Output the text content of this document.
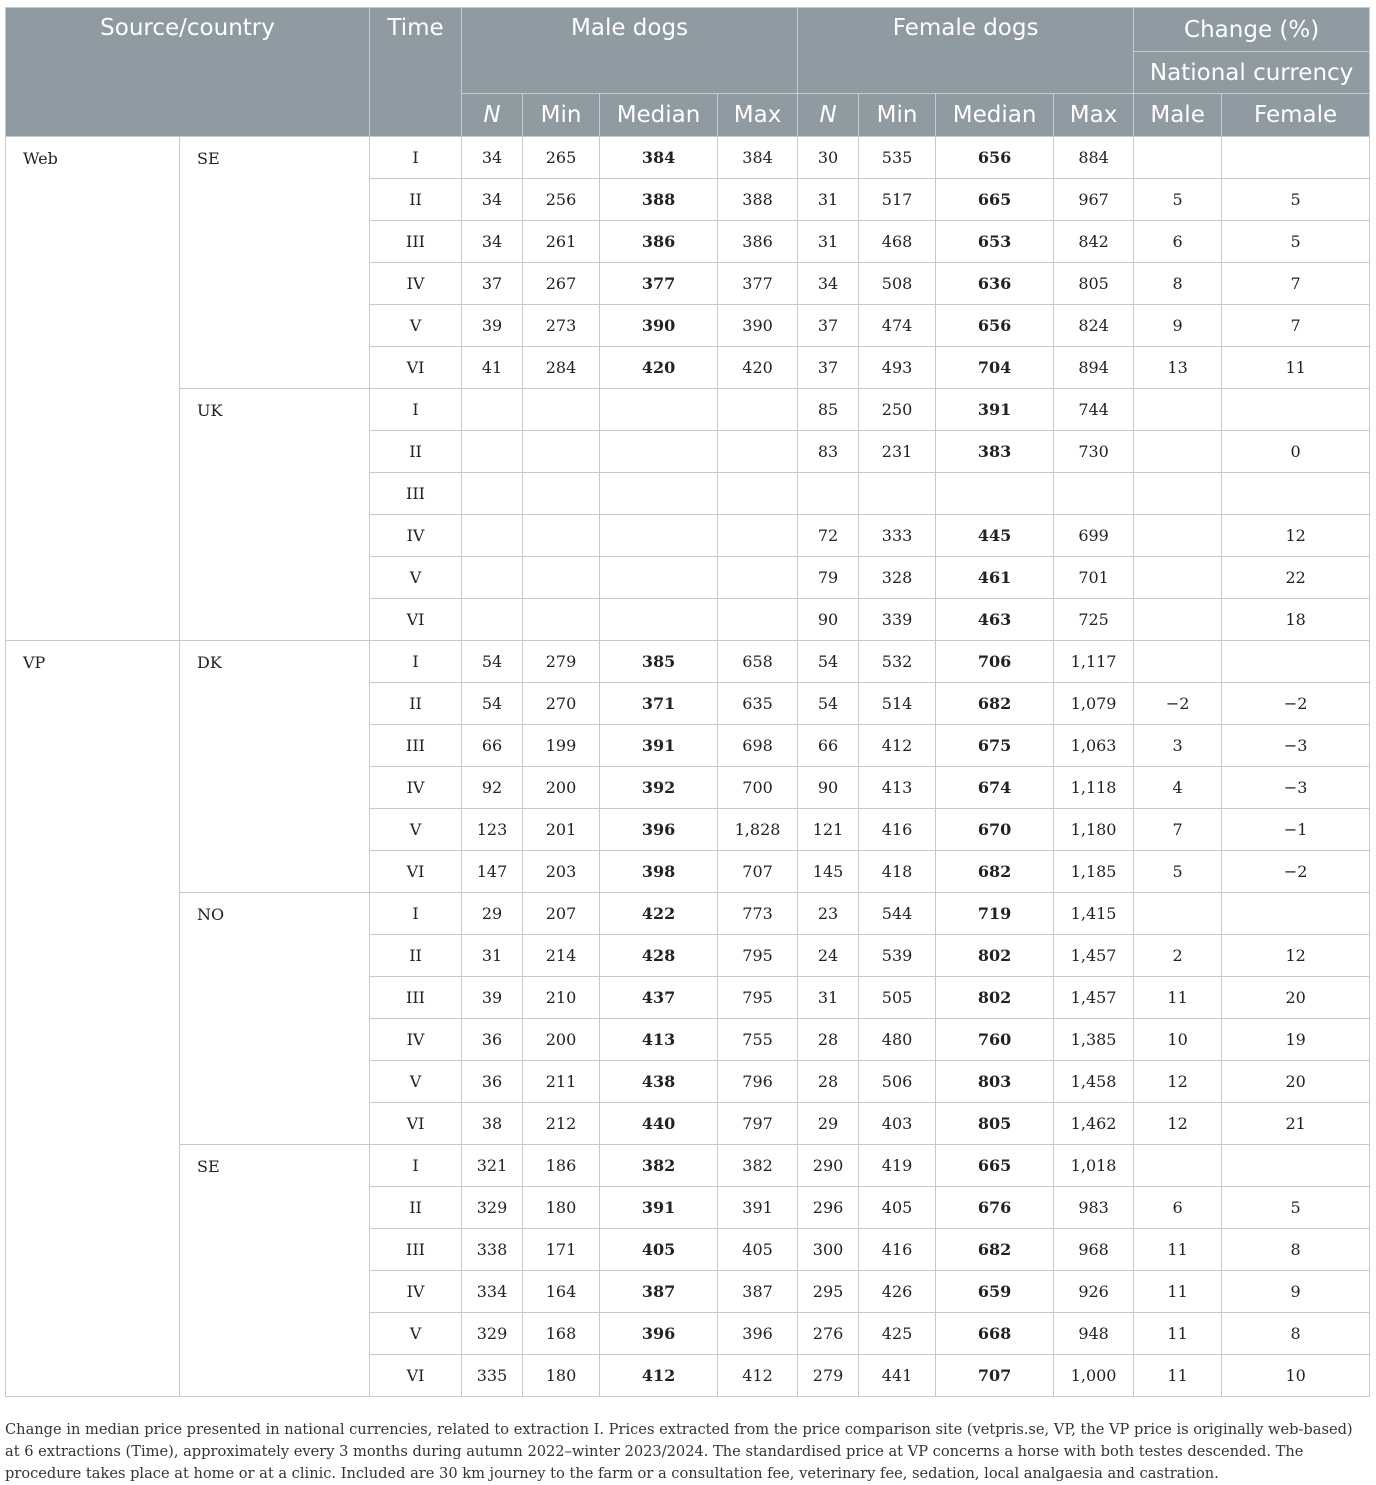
Source/country		Time	Male dogs				Female dogs				Change (%)	
											National currency	
			N	Min	Median	Max	N	Min	Median	Max	Male	Female
Web	SE	I	34	265	384	384	30	535	656	884		
		II	34	256	388	388	31	517	665	967	5	5
		III	34	261	386	386	31	468	653	842	6	5
		IV	37	267	377	377	34	508	636	805	8	7
		V	39	273	390	390	37	474	656	824	9	7
		VI	41	284	420	420	37	493	704	894	13	11
	UK	I					85	250	391	744		
		II					83	231	383	730		0
		III										
		IV					72	333	445	699		12
		V					79	328	461	701		22
		VI					90	339	463	725		18
VP	DK	I	54	279	385	658	54	532	706	1,117		
		II	54	270	371	635	54	514	682	1,079	−2	−2
		III	66	199	391	698	66	412	675	1,063	3	−3
		IV	92	200	392	700	90	413	674	1,118	4	−3
		V	123	201	396	1,828	121	416	670	1,180	7	−1
		VI	147	203	398	707	145	418	682	1,185	5	−2
	NO	I	29	207	422	773	23	544	719	1,415		
		II	31	214	428	795	24	539	802	1,457	2	12
		III	39	210	437	795	31	505	802	1,457	11	20
		IV	36	200	413	755	28	480	760	1,385	10	19
		V	36	211	438	796	28	506	803	1,458	12	20
		VI	38	212	440	797	29	403	805	1,462	12	21
	SE	I	321	186	382	382	290	419	665	1,018		
		II	329	180	391	391	296	405	676	983	6	5
		III	338	171	405	405	300	416	682	968	11	8
		IV	334	164	387	387	295	426	659	926	11	9
		V	329	168	396	396	276	425	668	948	11	8
		VI	335	180	412	412	279	441	707	1,000	11	10

Change in median price presented in national currencies, related to extraction I. Prices extracted from the price comparison site (vetpris.se, VP, the VP price is originally web-based) at 6 extractions (Time), approximately every 3 months during autumn 2022–winter 2023/2024. The standardised price at VP concerns a horse with both testes descended. The procedure takes place at home or at a clinic. Included are 30 km journey to the farm or a consultation fee, veterinary fee, sedation, local analgaesia and castration.
